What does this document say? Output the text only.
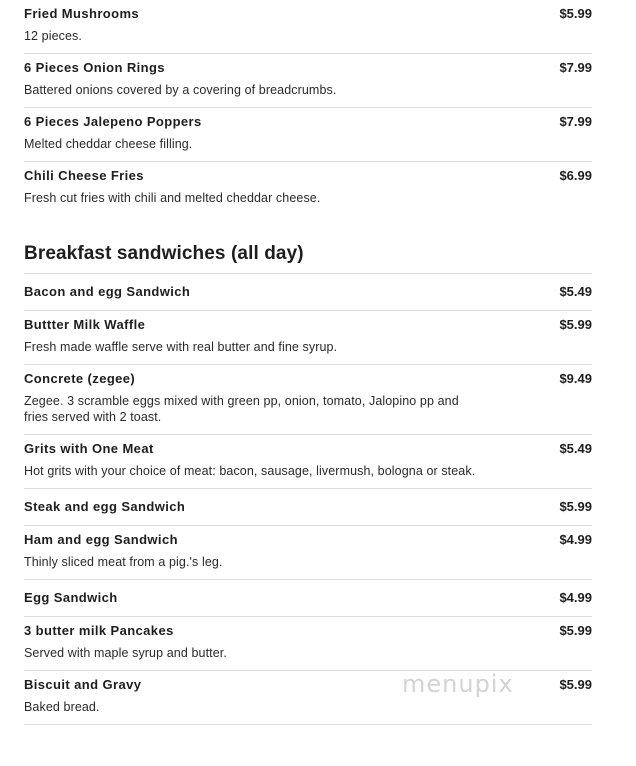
Fried Mushrooms	$5.99
12 pieces.
6 Pieces Onion Rings	$7.99
Battered onions covered by a covering of breadcrumbs.
6 Pieces Jalepeno Poppers	$7.99
Melted cheddar cheese filling.
Chili Cheese Fries	$6.99
Fresh cut fries with chili and melted cheddar cheese.
Breakfast sandwiches (all day)
Bacon and egg Sandwich	$5.49
Buttter Milk Waffle	$5.99
Fresh made waffle serve with real butter and fine syrup.
Concrete (zegee)	$9.49
Zegee. 3 scramble eggs mixed with green pp, onion, tomato, Jalopino pp and fries served with 2 toast.
Grits with One Meat	$5.49
Hot grits with your choice of meat: bacon, sausage, livermush, bologna or steak.
Steak and egg Sandwich	$5.99
Ham and egg Sandwich	$4.99
Thinly sliced meat from a pig.'s leg.
Egg Sandwich	$4.99
3 butter milk Pancakes	$5.99
Served with maple syrup and butter.
Biscuit and Gravy	$5.99
Baked bread.
menupix
